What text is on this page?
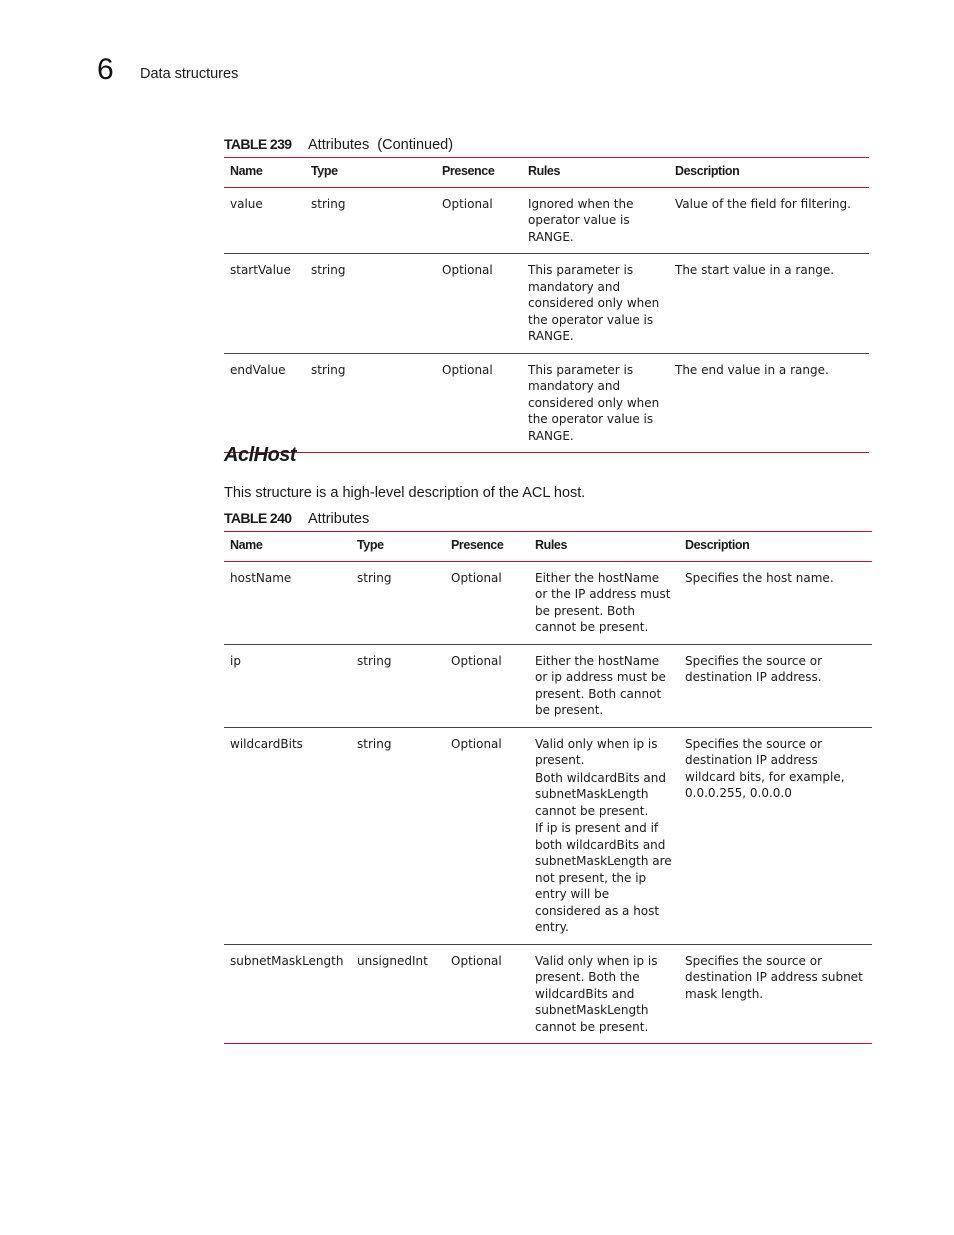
6 Data structures
TABLE 239 Attributes  (Continued)
Name	Type	Presence	Rules	Description
value	string	Optional	Ignored when the operator value is RANGE.	Value of the field for filtering.
startValue	string	Optional	This parameter is mandatory and considered only when the operator value is RANGE.	The start value in a range.
endValue	string	Optional	This parameter is mandatory and considered only when the operator value is RANGE.	The end value in a range.
AclHost
This structure is a high-level description of the ACL host.
TABLE 240 Attributes
Name	Type	Presence	Rules	Description
hostName	string	Optional	Either the hostName or the IP address must be present. Both cannot be present.	Specifies the host name.
ip	string	Optional	Either the hostName or ip address must be present. Both cannot be present.	Specifies the source or destination IP address.
wildcardBits	string	Optional	Valid only when ip is present.
Both wildcardBits and subnetMaskLength cannot be present.
If ip is present and if both wildcardBits and subnetMaskLength are not present, the ip entry will be considered as a host entry.	Specifies the source or destination IP address wildcard bits, for example, 0.0.0.255, 0.0.0.0
subnetMaskLength	unsignedInt	Optional	Valid only when ip is present. Both the wildcardBits and subnetMaskLength cannot be present.	Specifies the source or destination IP address subnet mask length.
